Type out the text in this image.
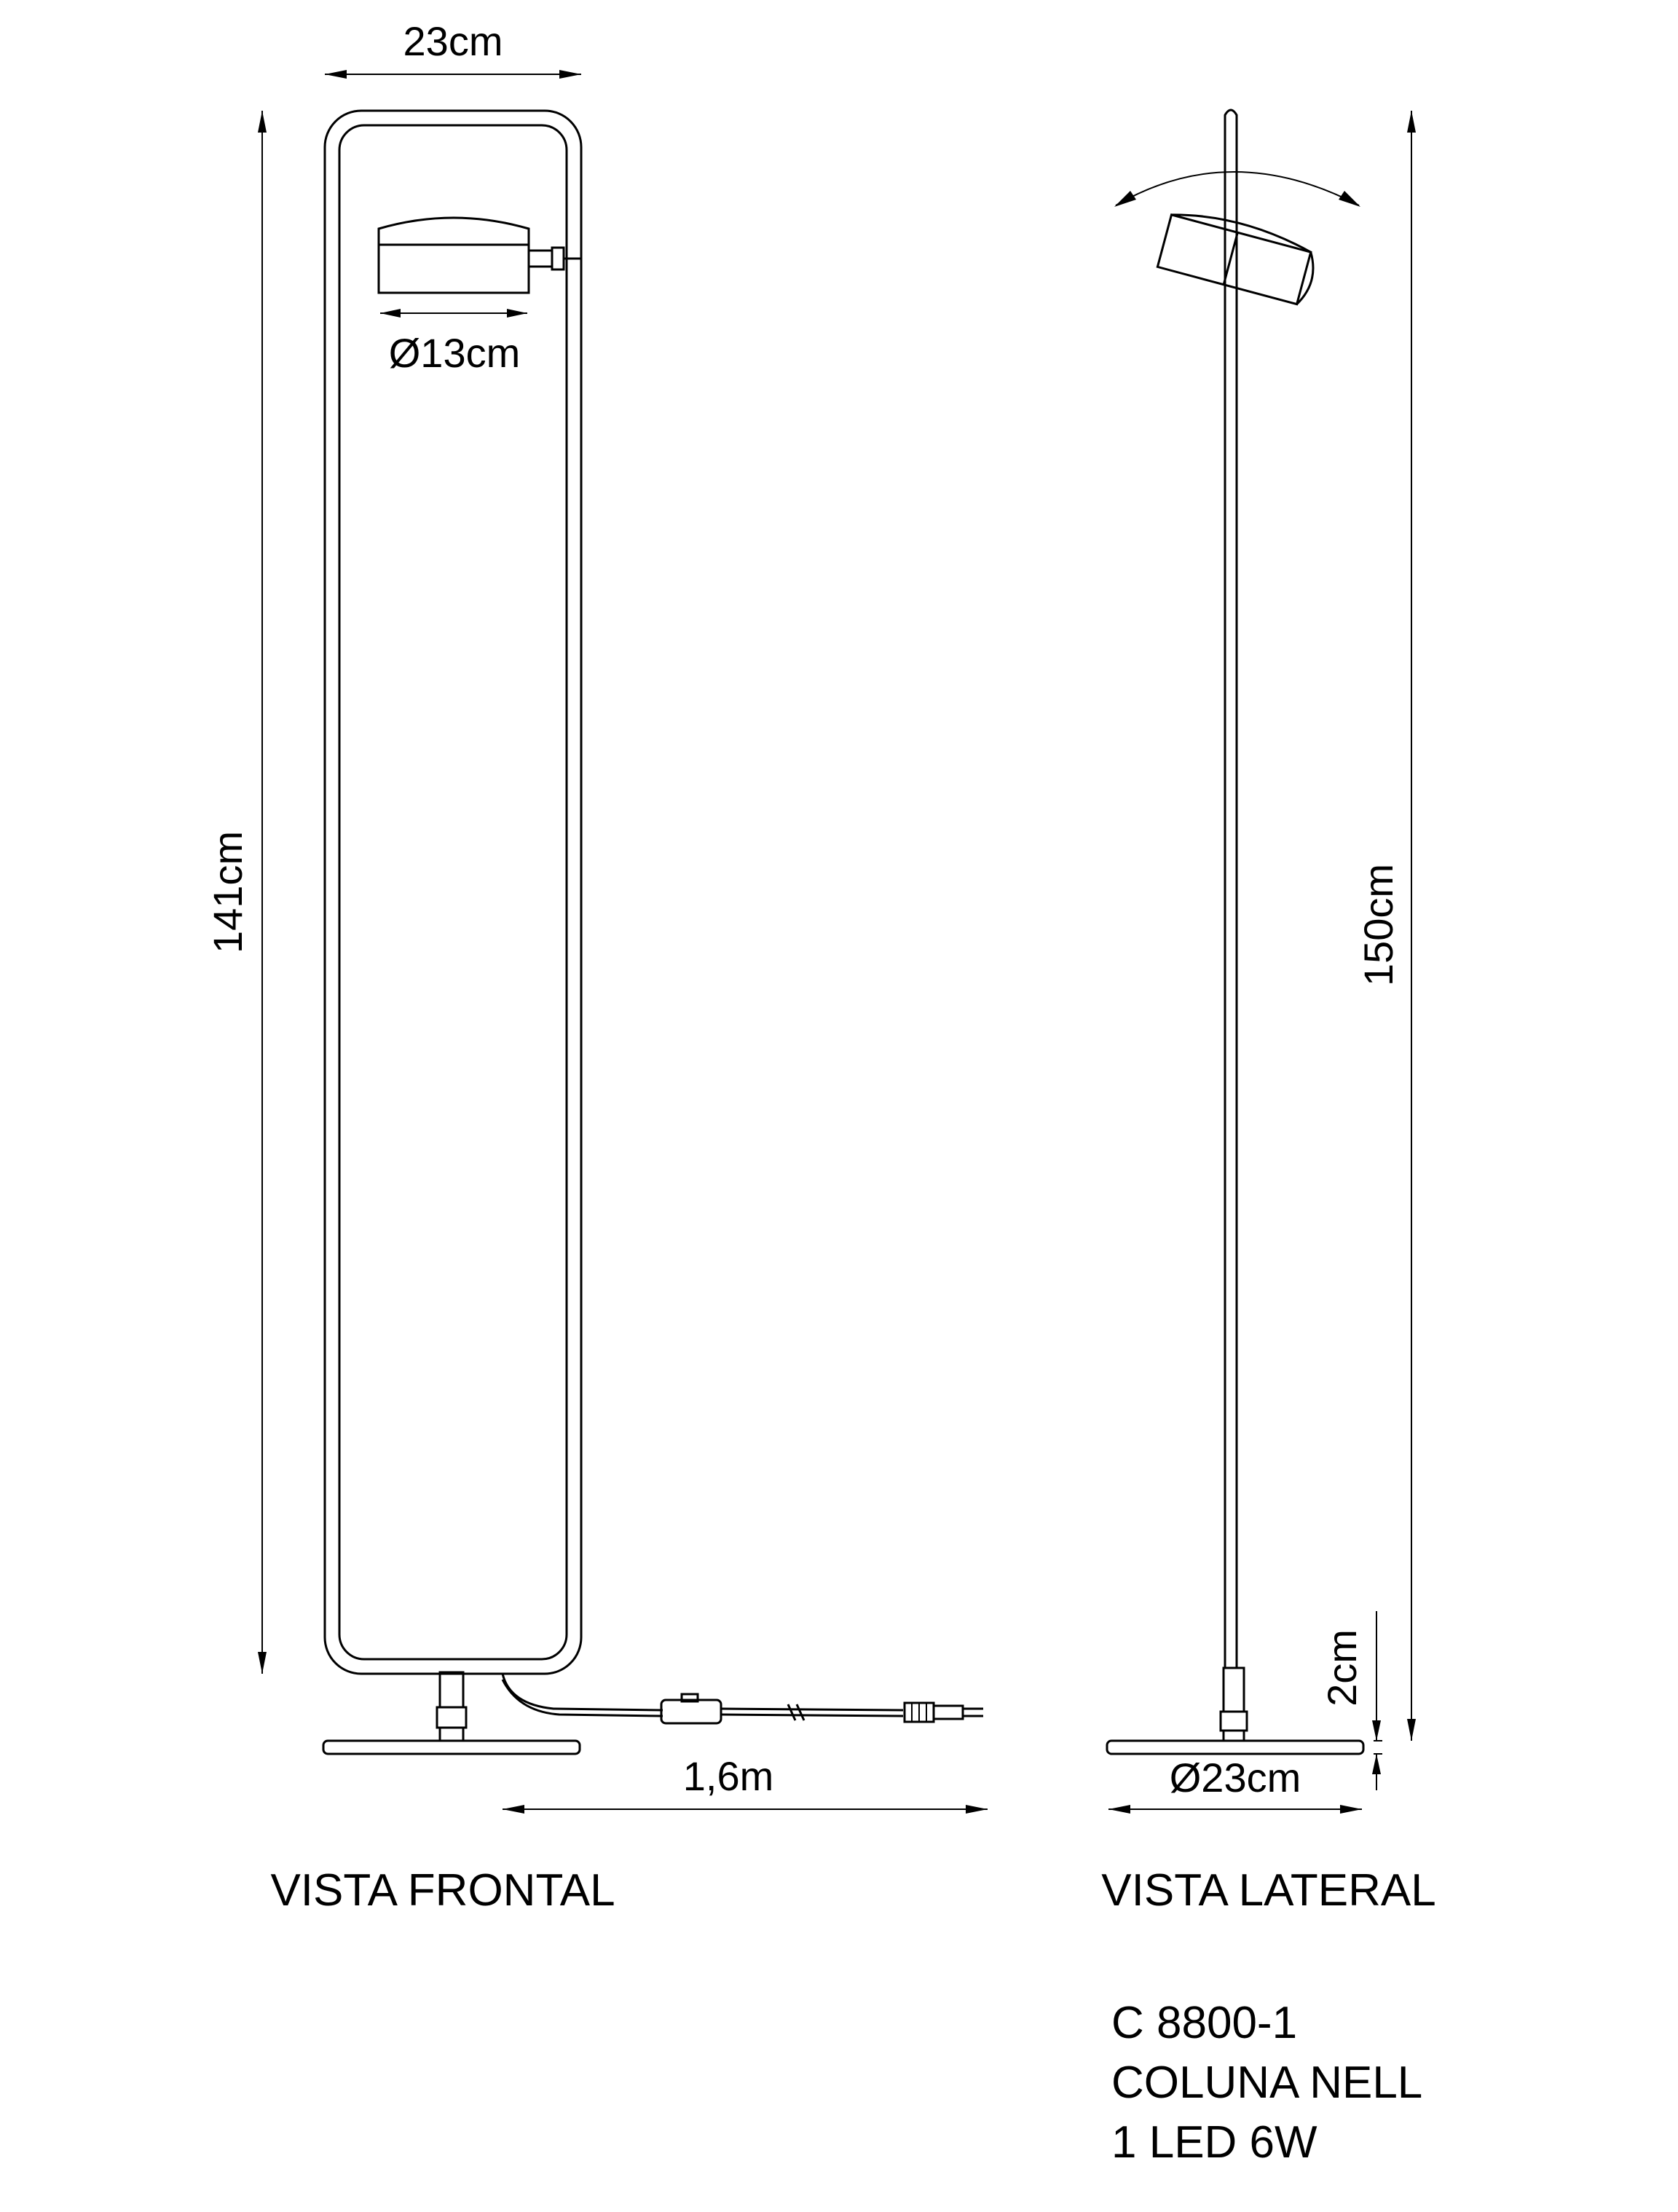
23cm
Ø13cm
141cm
1,6m
VISTA FRONTAL
150cm
2cm
Ø23cm
VISTA LATERAL
C 8800-1
COLUNA NELL
1 LED 6W
